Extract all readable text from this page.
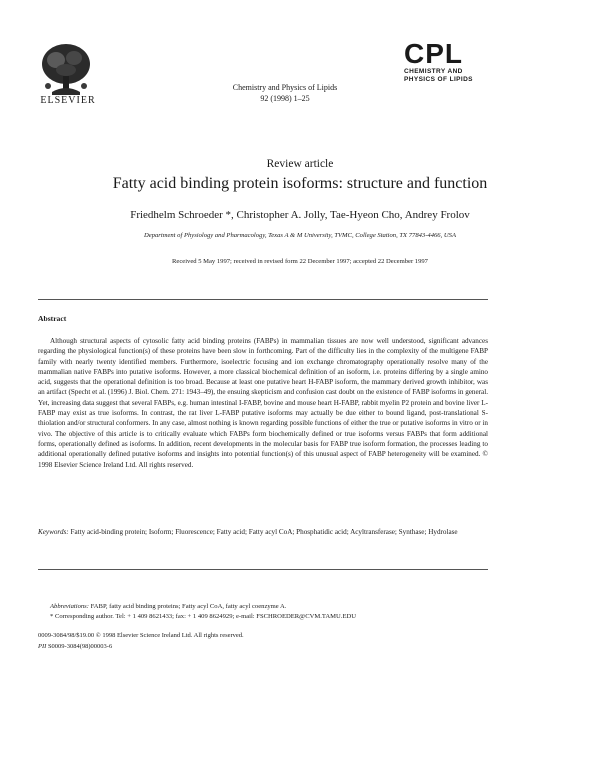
ELSEVIER
Chemistry and Physics of Lipids
92 (1998) 1–25
CPL
CHEMISTRY AND
PHYSICS OF LIPIDS
Review article
Fatty acid binding protein isoforms: structure and function
Friedhelm Schroeder *, Christopher A. Jolly, Tae-Hyeon Cho, Andrey Frolov
Department of Physiology and Pharmacology, Texas A & M University, TVMC, College Station, TX 77843-4466, USA
Received 5 May 1997; received in revised form 22 December 1997; accepted 22 December 1997
Abstract
Although structural aspects of cytosolic fatty acid binding proteins (FABPs) in mammalian tissues are now well understood, significant advances regarding the physiological function(s) of these proteins have been slow in forthcoming. Part of the difficulty lies in the complexity of the multigene FABP family with nearly twenty identified members. Furthermore, isoelectric focusing and ion exchange chromatography operationally resolve many of the mammalian native FABPs into putative isoforms. However, a more classical biochemical definition of an isoform, i.e. proteins differing by a single amino acid, suggests that the operational definition is too broad. Because at least one putative heart H-FABP isoform, the mammary derived growth inhibitor, was an artifact (Specht et al. (1996) J. Biol. Chem. 271: 1943–49), the ensuing skepticism and confusion cast doubt on the existence of FABP isoforms in general. Yet, increasing data suggest that several FABPs, e.g. human intestinal I-FABP, bovine and mouse heart H-FABP, rabbit myelin P2 protein and bovine liver L-FABP may exist as true isoforms. In contrast, the rat liver L-FABP putative isoforms may actually be due either to bound ligand, post-translational S-thiolation and/or structural conformers. In any case, almost nothing is known regarding possible functions of either the true or putative isoforms in vitro or in vivo. The objective of this article is to critically evaluate which FABPs form biochemically defined or true isoforms versus FABPs that form additional forms, operationally defined as isoforms. In addition, recent developments in the molecular basis for FABP true isoform formation, the processes leading to additional operationally defined putative isoforms and insights into potential function(s) of this unusual aspect of FABP heterogeneity will be examined. © 1998 Elsevier Science Ireland Ltd. All rights reserved.
Keywords: Fatty acid-binding protein; Isoform; Fluorescence; Fatty acid; Fatty acyl CoA; Phosphatidic acid; Acyltransferase; Synthase; Hydrolase
Abbreviations: FABP, fatty acid binding proteins; Fatty acyl CoA, fatty acyl coenzyme A.
* Corresponding author. Tel: + 1 409 8621433; fax: + 1 409 8624929; e-mail: FSCHROEDER@CVM.TAMU.EDU
0009-3084/98/$19.00 © 1998 Elsevier Science Ireland Ltd. All rights reserved.
PII S0009-3084(98)00003-6
